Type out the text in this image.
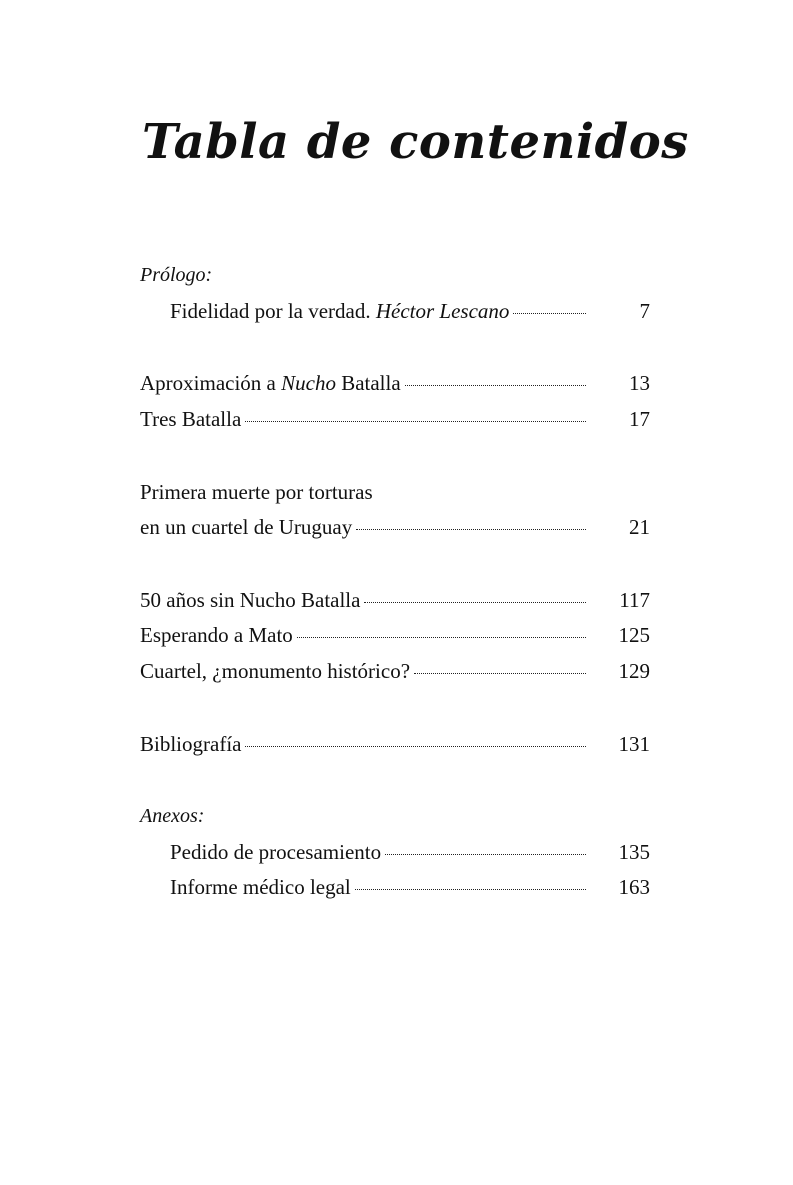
Tabla de contenidos
Prólogo:
Fidelidad por la verdad. Héctor Lescano	7
Aproximación a Nucho Batalla	13
Tres Batalla	17
Primera muerte por torturas
en un cuartel de Uruguay	21
50 años sin Nucho Batalla	117
Esperando a Mato	125
Cuartel, ¿monumento histórico?	129
Bibliografía	131
Anexos:
Pedido de procesamiento	135
Informe médico legal	163
